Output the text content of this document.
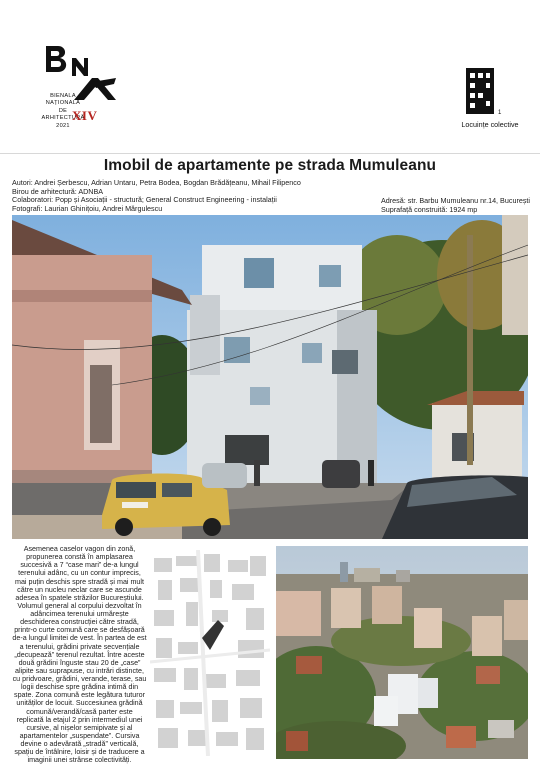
BIENALA
NAȚIONALĂ
DE
ARHITECTURĂ
2021
XIV	1
Locuințe colective
Imobil de apartamente pe strada Mumuleanu
Autori: Andrei Șerbescu, Adrian Untaru, Petra Bodea, Bogdan Brădățeanu, Mihail Filipenco
Birou de arhitectură: ADNBA
Colaboratori: Popp și Asociații - structură; General Construct Engineering - instalații
Fotografi: Laurian Ghinițoiu, Andrei Mărgulescu
Adresă: str. Barbu Mumuleanu nr.14, București
Suprafață construită: 1924 mp
Asemenea caselor vagon din zonă, propunerea constă în amplasarea succesivă a 7 “case mari” de-a lungul terenului adânc, cu un contur imprecis, mai puțin deschis spre stradă și mai mult către un nucleu neclar care se ascunde adesea în spatele străzilor Bucureștiului. Volumul general al corpului dezvoltat în adâncimea terenului urmărește deschiderea construcției către stradă, printr-o curte comună care se desfășoară de-a lungul limitei de vest. În partea de est a terenului, grădini private secvențiale „decupează” terenul rezultat. Între aceste două grădini înguste stau 20 de „case” alipite sau suprapuse, cu intrări distincte, cu pridvoare, grădini, verande, terase, sau logii deschise spre grădina intimă din spate. Zona comună este legătura tuturor unităților de locuit. Succesiunea grădină comună/verandă/casă parter este replicată la etajul 2 prin intermediul unei cursive, al nișelor semipivate și al apartamentelor „suspendate”. Cursiva devine o adevărată „stradă” verticală, spațiu de întâlnire, loisir și de traducere a imaginii unei strânse colectivități.
